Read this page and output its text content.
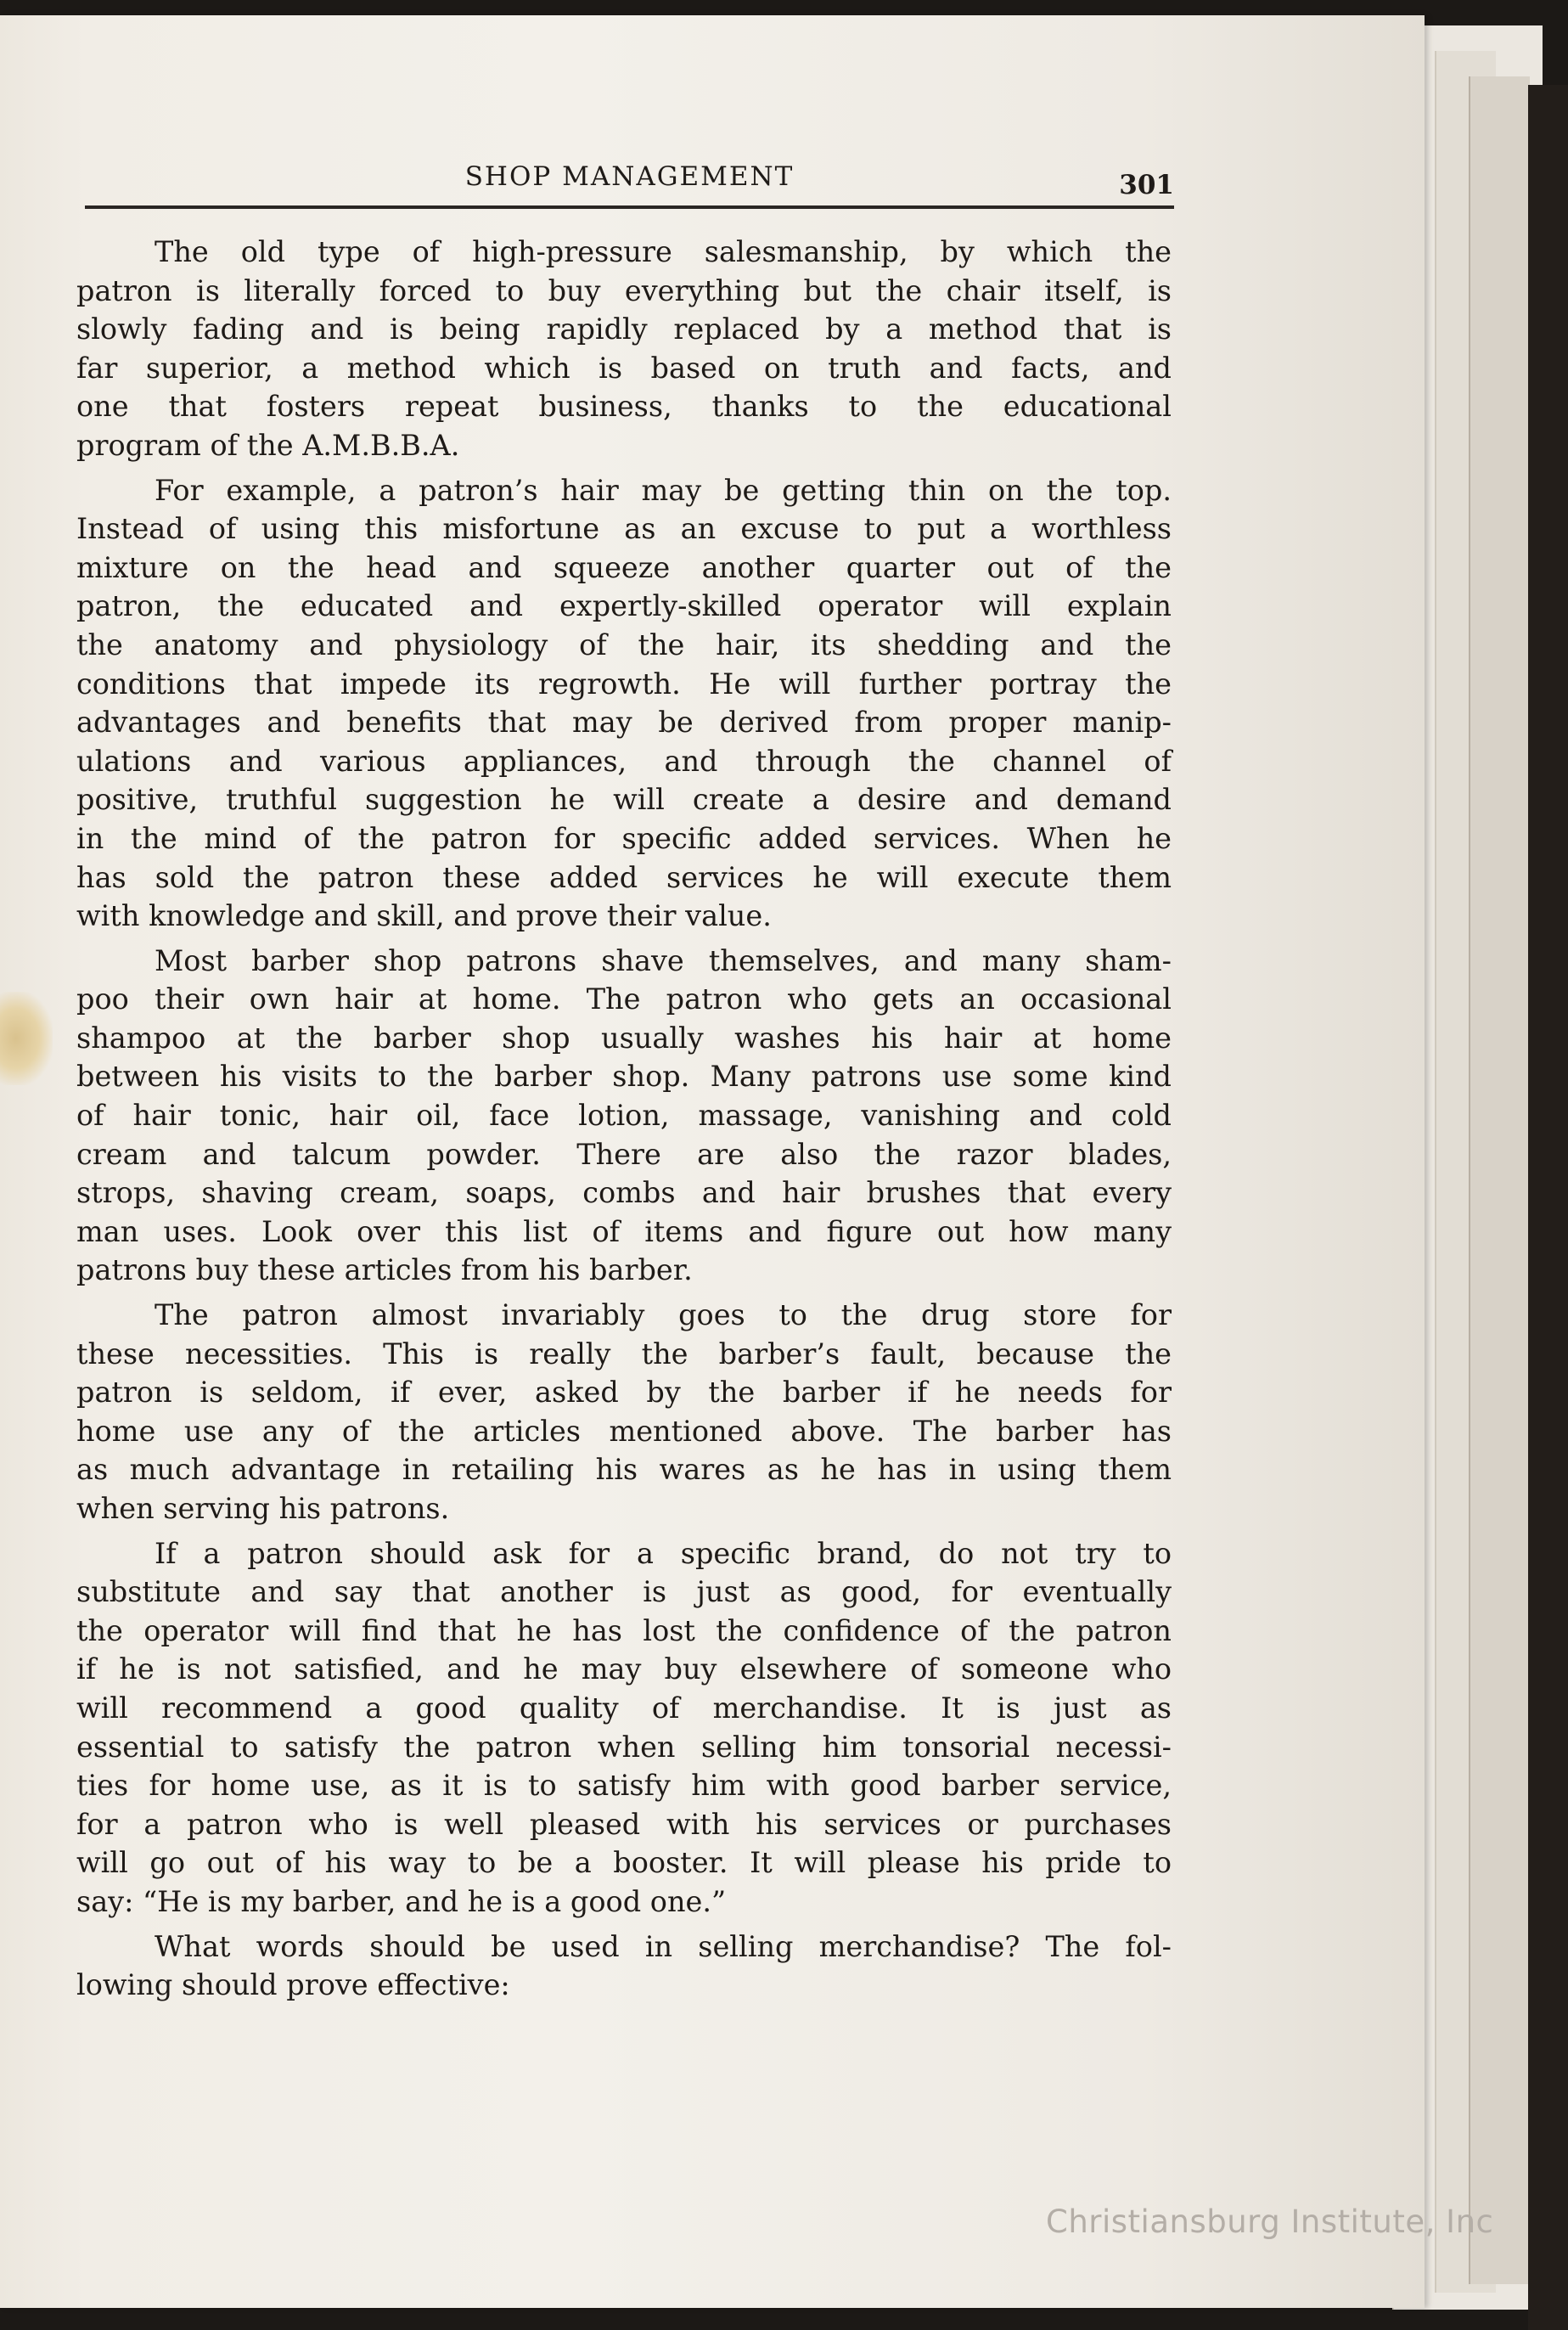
SHOP MANAGEMENT	301
The old type of high-pressure salesmanship, by which the
patron is literally forced to buy everything but the chair itself, is
slowly fading and is being rapidly replaced by a method that is
far superior, a method which is based on truth and facts, and
one that fosters repeat business, thanks to the educational
program of the A.M.B.B.A.
For example, a patron’s hair may be getting thin on the top.
Instead of using this misfortune as an excuse to put a worthless
mixture on the head and squeeze another quarter out of the
patron, the educated and expertly-skilled operator will explain
the anatomy and physiology of the hair, its shedding and the
conditions that impede its regrowth. He will further portray the
advantages and benefits that may be derived from proper manip-
ulations and various appliances, and through the channel of
positive, truthful suggestion he will create a desire and demand
in the mind of the patron for specific added services. When he
has sold the patron these added services he will execute them
with knowledge and skill, and prove their value.
Most barber shop patrons shave themselves, and many sham-
poo their own hair at home. The patron who gets an occasional
shampoo at the barber shop usually washes his hair at home
between his visits to the barber shop. Many patrons use some kind
of hair tonic, hair oil, face lotion, massage, vanishing and cold
cream and talcum powder. There are also the razor blades,
strops, shaving cream, soaps, combs and hair brushes that every
man uses. Look over this list of items and figure out how many
patrons buy these articles from his barber.
The patron almost invariably goes to the drug store for
these necessities. This is really the barber’s fault, because the
patron is seldom, if ever, asked by the barber if he needs for
home use any of the articles mentioned above. The barber has
as much advantage in retailing his wares as he has in using them
when serving his patrons.
If a patron should ask for a specific brand, do not try to
substitute and say that another is just as good, for eventually
the operator will find that he has lost the confidence of the patron
if he is not satisfied, and he may buy elsewhere of someone who
will recommend a good quality of merchandise. It is just as
essential to satisfy the patron when selling him tonsorial necessi-
ties for home use, as it is to satisfy him with good barber service,
for a patron who is well pleased with his services or purchases
will go out of his way to be a booster. It will please his pride to
say: “He is my barber, and he is a good one.”
What words should be used in selling merchandise? The fol-
lowing should prove effective:
Christiansburg Institute, Inc
